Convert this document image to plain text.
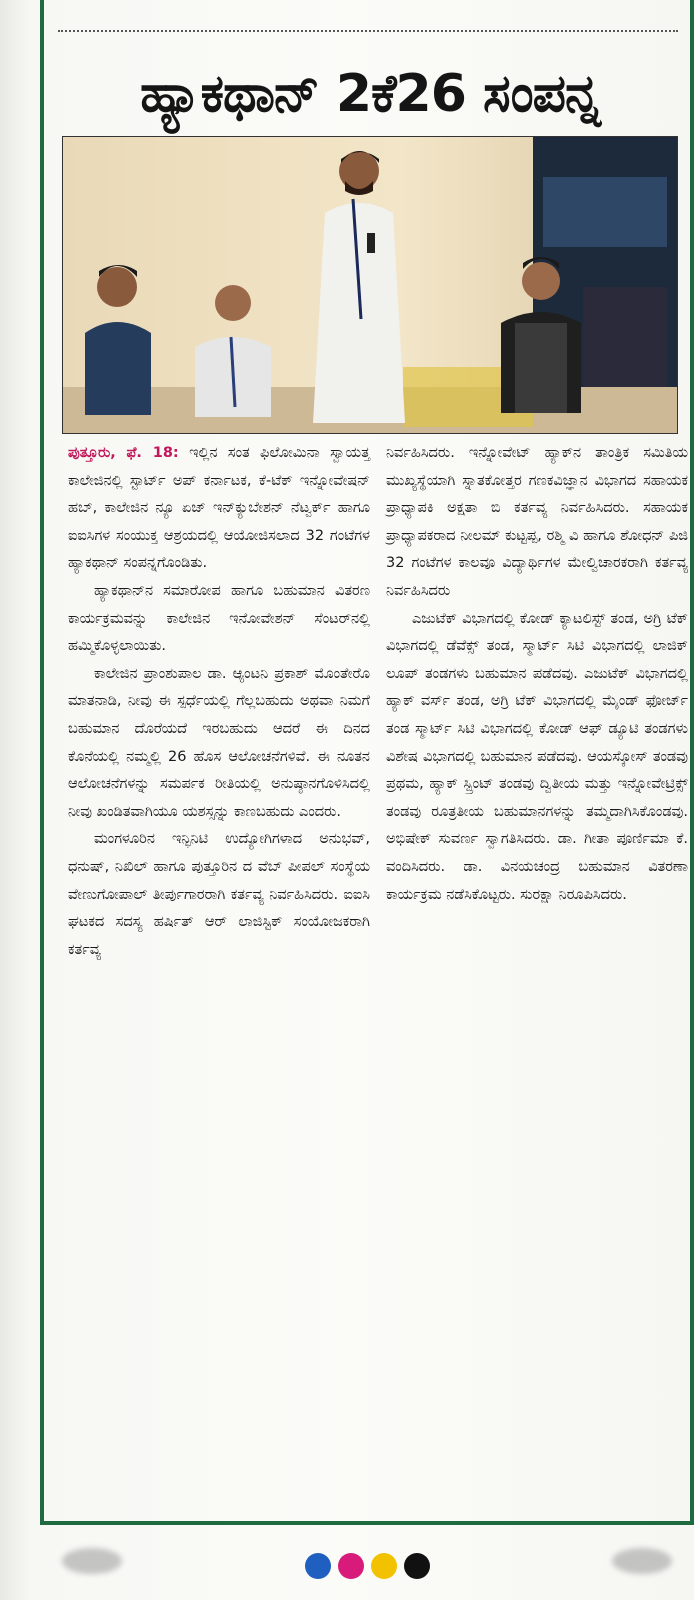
ಹ್ಯಾಕಥಾನ್ 2ಕೆ26 ಸಂಪನ್ನ

ಪುತ್ತೂರು, ಫೆ. 18: ಇಲ್ಲಿನ ಸಂತ ಫಿಲೋಮಿನಾ ಸ್ವಾಯತ್ತ ಕಾಲೇಜಿನಲ್ಲಿ ಸ್ಟಾರ್ಟ್ ಅಪ್ ಕರ್ನಾಟಕ, ಕೆ-ಟೆಕ್ ಇನ್ನೋವೇಷನ್ ಹಬ್, ಕಾಲೇಜಿನ ನ್ಯೂ ಏಜ್ ಇನ್‌ಕ್ಯುಬೇಶನ್ ನೆಟ್ವರ್ಕ್ ಹಾಗೂ ಐಐಸಿಗಳ ಸಂಯುಕ್ತ ಆಶ್ರಯದಲ್ಲಿ ಆಯೋಜಿಸಲಾದ 32 ಗಂಟೆಗಳ ಹ್ಯಾಕಥಾನ್ ಸಂಪನ್ನಗೊಂಡಿತು.

ಹ್ಯಾಕಥಾನ್‌ನ ಸಮಾರೋಪ ಹಾಗೂ ಬಹುಮಾನ ವಿತರಣ ಕಾರ್ಯಕ್ರಮವನ್ನು ಕಾಲೇಜಿನ ಇನೋವೇಶನ್ ಸೆಂಟರ್‌ನಲ್ಲಿ ಹಮ್ಮಿಕೊಳ್ಳಲಾಯಿತು.

ಕಾಲೇಜಿನ ಪ್ರಾಂಶುಪಾಲ ಡಾ. ಆ್ಯಂಟನಿ ಪ್ರಕಾಶ್ ಮೊಂತೇರೊ ಮಾತನಾಡಿ, ನೀವು ಈ ಸ್ಪರ್ಧೆಯಲ್ಲಿ ಗೆಲ್ಲಬಹುದು ಅಥವಾ ನಿಮಗೆ ಬಹುಮಾನ ದೊರೆಯದೆ ಇರಬಹುದು ಆದರೆ ಈ ದಿನದ ಕೊನೆಯಲ್ಲಿ ನಮ್ಮಲ್ಲಿ 26 ಹೊಸ ಆಲೋಚನೆಗಳಿವೆ. ಈ ನೂತನ ಆಲೋಚನೆಗಳನ್ನು ಸಮರ್ಪಕ ರೀತಿಯಲ್ಲಿ ಅನುಷ್ಠಾನಗೊಳಿಸಿದಲ್ಲಿ ನೀವು ಖಂಡಿತವಾಗಿಯೂ ಯಶಸ್ಸನ್ನು ಕಾಣಬಹುದು ಎಂದರು.

ಮಂಗಳೂರಿನ ಇನ್ಫಿನಿಟಿ ಉದ್ಯೋಗಿಗಳಾದ ಅನುಭವ್, ಧನುಷ್, ನಿಖಿಲ್ ಹಾಗೂ ಪುತ್ತೂರಿನ ದ ವೆಬ್ ಪೀಪಲ್ ಸಂಸ್ಥೆಯ ವೇಣುಗೋಪಾಲ್ ತೀರ್ಪುಗಾರರಾಗಿ ಕರ್ತವ್ಯ ನಿರ್ವಹಿಸಿದರು. ಐಐಸಿ ಘಟಕದ ಸದಸ್ಯ ಹರ್ಷಿತ್ ಆರ್ ಲಾಜಿಸ್ಟಿಕ್ ಸಂಯೋಜಕರಾಗಿ ಕರ್ತವ್ಯ

ನಿರ್ವಹಿಸಿದರು. ಇನ್ನೋವೇಟ್ ಹ್ಯಾಕ್‌ನ ತಾಂತ್ರಿಕ ಸಮಿತಿಯ ಮುಖ್ಯಸ್ಥೆಯಾಗಿ ಸ್ನಾತಕೋತ್ತರ ಗಣಕವಿಜ್ಞಾನ ವಿಭಾಗದ ಸಹಾಯಕ ಪ್ರಾಧ್ಯಾಪಕಿ ಅಕ್ಷತಾ ಬಿ ಕರ್ತವ್ಯ ನಿರ್ವಹಿಸಿದರು. ಸಹಾಯಕ ಪ್ರಾಧ್ಯಾಪಕರಾದ ನೀಲಮ್ ಕುಟ್ಟಪ್ಪ, ರಶ್ಮಿ ವಿ ಹಾಗೂ ಶೋಧನ್ ಪಿಜಿ 32 ಗಂಟೆಗಳ ಕಾಲವೂ ವಿದ್ಯಾರ್ಥಿಗಳ ಮೇಲ್ವಿಚಾರಕರಾಗಿ ಕರ್ತವ್ಯ ನಿರ್ವಹಿಸಿದರು

ಎಜುಟೆಕ್ ವಿಭಾಗದಲ್ಲಿ ಕೋಡ್ ಕ್ಯಾಟಲಿಸ್ಟ್ ತಂಡ, ಅಗ್ರಿ ಟೆಕ್ ವಿಭಾಗದಲ್ಲಿ ಡೆವೆಕ್ಸ್ ತಂಡ, ಸ್ಮಾರ್ಟ್ ಸಿಟಿ ವಿಭಾಗದಲ್ಲಿ ಲಾಜಿಕ್ ಲೂಪ್ ತಂಡಗಳು ಬಹುಮಾನ ಪಡೆದವು. ಎಜುಟೆಕ್ ವಿಭಾಗದಲ್ಲಿ ಹ್ಯಾಕ್ ವರ್ಸ್ ತಂಡ, ಅಗ್ರಿ ಟೆಕ್ ವಿಭಾಗದಲ್ಲಿ ಮೈಂಡ್ ಫೋರ್ಜ್ ತಂಡ ಸ್ಮಾರ್ಟ್ ಸಿಟಿ ವಿಭಾಗದಲ್ಲಿ ಕೋಡ್ ಆಫ್ ಡ್ಯೂಟಿ ತಂಡಗಳು ವಿಶೇಷ ವಿಭಾಗದಲ್ಲಿ ಬಹುಮಾನ ಪಡೆದವು. ಆಯಸ್ಕೋಸ್ ತಂಡವು ಪ್ರಥಮ, ಹ್ಯಾಕ್ ಸ್ಪ್ರಿಂಟ್ ತಂಡವು ದ್ವಿತೀಯ ಮತ್ತು ಇನ್ನೋವೇಟ್ರಿಕ್ಸ್ ತಂಡವು ರೂತ್ರತೀಯ ಬಹುಮಾನಗಳನ್ನು ತಮ್ಮದಾಗಿಸಿಕೊಂಡವು. ಅಭಿಷೇಕ್ ಸುವರ್ಣ ಸ್ವಾಗತಿಸಿದರು. ಡಾ. ಗೀತಾ ಪೂರ್ಣಿಮಾ ಕೆ. ವಂದಿಸಿದರು. ಡಾ. ವಿನಯಚಂದ್ರ ಬಹುಮಾನ ವಿತರಣಾ ಕಾರ್ಯಕ್ರಮ ನಡೆಸಿಕೊಟ್ಟರು. ಸುರಕ್ಷಾ ನಿರೂಪಿಸಿದರು.
